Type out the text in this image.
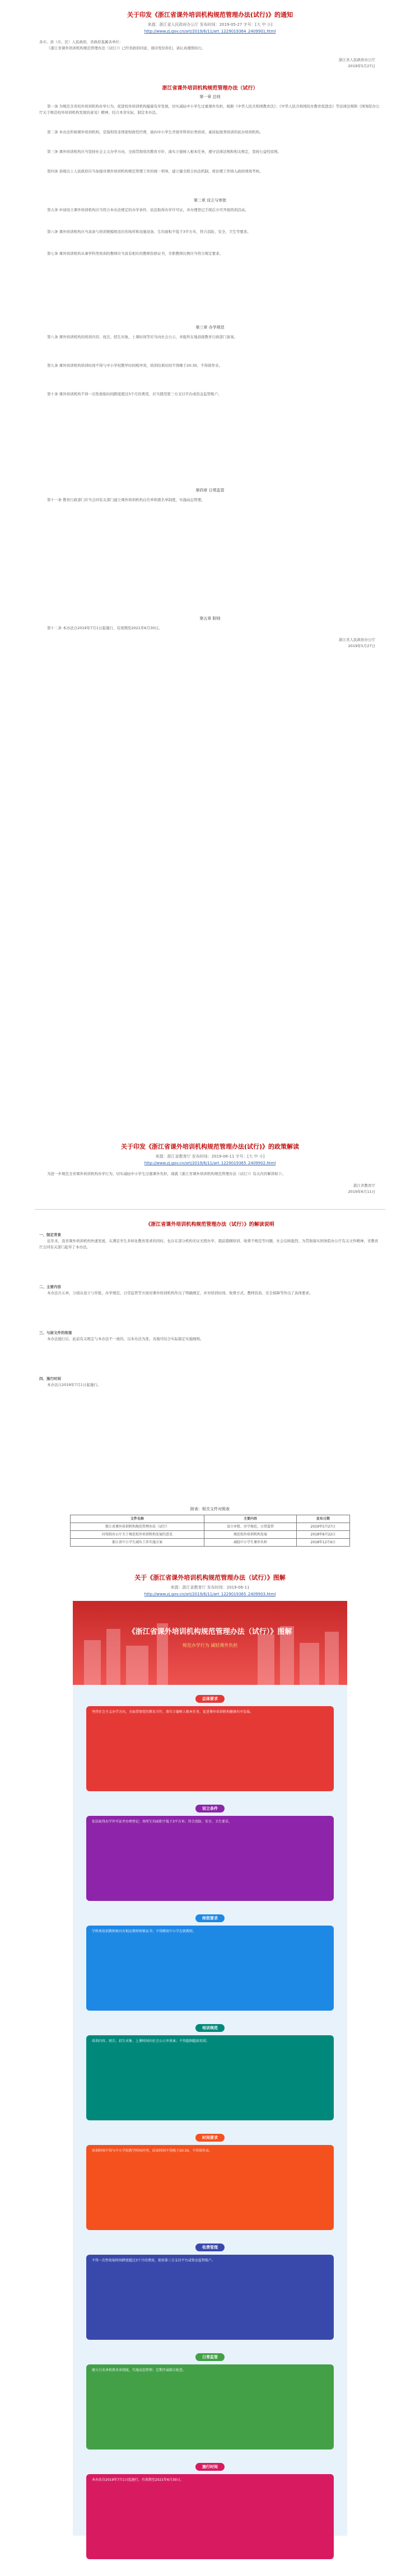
关于印发《浙江省课外培训机构规范管理办法(试行)》的通知
来源：浙江省人民政府办公厅 发布时间：2019-05-27 字号：[大 中 小]
http://www.zj.gov.cn/art/2019/6/11/art_1229019364_2409901.html
各市、县（市、区）人民政府，省政府直属各单位：
《浙江省课外培训机构规范管理办法（试行）》已经省政府同意，现印发给你们，请认真遵照执行。
浙江省人民政府办公厅
2019年5月27日
浙江省课外培训机构规范管理办法（试行）
第一章 总则
第一条 为规范全省校外培训机构办学行为，促进校外培训机构健康有序发展，切实减轻中小学生过重课外负担，根据《中华人民共和国教育法》、《中华人民共和国民办教育促进法》等法律法规和《国务院办公厅关于规范校外培训机构发展的意见》精神，结合本省实际，制定本办法。
第二条 本办法所称课外培训机构，是指利用非国家财政性经费，面向中小学生开展学科知识类培训、素质拓展类培训的民办培训机构。
第三条 课外培训机构应当坚持社会主义办学方向，全面贯彻党的教育方针，落实立德树人根本任务，遵守法律法规和相关规定，坚持公益性原则。
第四条 县级以上人民政府应当加强对课外培训机构规范管理工作的统一领导，建立健全联合执法机制，将治理工作纳入政府绩效考核。
第二章 设立与审批
第五条 申请设立课外培训机构应当符合本办法规定的办学条件，依法取得办学许可证，并办理登记手续后方可开展培训活动。
第六条 课外培训机构应当具备与培训规模相适应的场所和设施设备，生均面积不低于3平方米，符合消防、安全、卫生等要求。
第七条 课外培训机构从事学科类培训的教师应当具有相应的教师资格证书，专职教师比例应当符合规定要求。
第三章 办学规范
第八条 课外培训机构的培训内容、班次、招生对象、上课时间等应当向社会公示，并报所在地县级教育行政部门备案。
第九条 课外培训机构培训时间不得与中小学校教学时间相冲突，培训结束时间不得晚于20:30，不得留作业。
第十条 课外培训机构不得一次性收取时间跨度超过3个月的费用，应当使用第三方支付平台或资金监管账户。
第四章 日常监管
第十一条 教育行政部门应当会同有关部门建立课外培训机构白名单和黑名单制度，实施动态管理。
第五章 附则
第十二条 本办法自2019年7月1日起施行，有效期至2021年6月30日。
浙江省人民政府办公厅
2019年5月27日
关于印发《浙江省课外培训机构规范管理办法(试行)》的政策解读
来源：浙江省教育厅 发布时间：2019-06-11 字号：[大 中 小]
http://www.zj.gov.cn/art/2019/6/11/art_1229019365_2409902.html
为进一步规范全省课外培训机构办学行为，切实减轻中小学生过重课外负担，现就《浙江省课外培训机构规范管理办法（试行）》有关内容解读如下。
浙江省教育厅
2019年6月11日
《浙江省课外培训机构规范管理办法（试行）》的解读说明
一、制定背景
近年来，我省课外培训机构快速发展，在满足学生多样化教育需求的同时，也存在部分机构无证无照办学、超前超纲培训、收费不规范等问题，社会反映强烈。为贯彻落实国务院办公厅有关文件精神，省教育厅会同有关部门起草了本办法。
二、主要内容
本办法共五章，分别从设立与审批、办学规范、日常监管等方面对课外培训机构作出了明确规定，并对培训时间、收费方式、教师资质、安全保障等作出了具体要求。
三、与原文件的衔接
本办法施行后，此前有关规定与本办法不一致的，以本办法为准。各地可结合实际制定实施细则。
四、施行时间
本办法自2019年7月1日起施行。
附表：相关文件对照表
文件名称	主要内容	发布日期
浙江省课外培训机构规范管理办法（试行）	设立审批、办学规范、日常监管	2019年5月27日
国务院办公厅关于规范校外培训机构发展的意见	规范校外培训机构发展	2018年8月22日
浙江省中小学生减负工作实施方案	减轻中小学生课外负担	2018年12月6日
关于《浙江省课外培训机构规范管理办法（试行）》图解
来源：浙江省教育厅 发布时间：2019-06-11
http://www.zj.gov.cn/art/2019/6/11/art_1229019365_2409903.html
《浙江省课外培训机构规范管理办法（试行）》图解
规范办学行为 减轻课外负担
总体要求
坚持社会主义办学方向，全面贯彻党的教育方针，落实立德树人根本任务，促进课外培训机构健康有序发展。
设立条件
依法取得办学许可证并办理登记；场所生均面积不低于3平方米；符合消防、安全、卫生要求。
师资要求
学科类培训教师须具有相应教师资格证书；不得聘用中小学在职教师。
培训规范
培训内容、班次、招生对象、上课时间向社会公示并备案；不得超纲超前培训。
时间要求
培训时间不得与中小学校教学时间冲突，结束时间不得晚于20:30，不得留作业。
收费管理
不得一次性收取时间跨度超过3个月的费用，使用第三方支付平台或资金监管账户。
日常监管
建立白名单和黑名单制度，实施动态管理；定期开展联合检查。
施行时间
本办法自2019年7月1日起施行，有效期至2021年6月30日。
